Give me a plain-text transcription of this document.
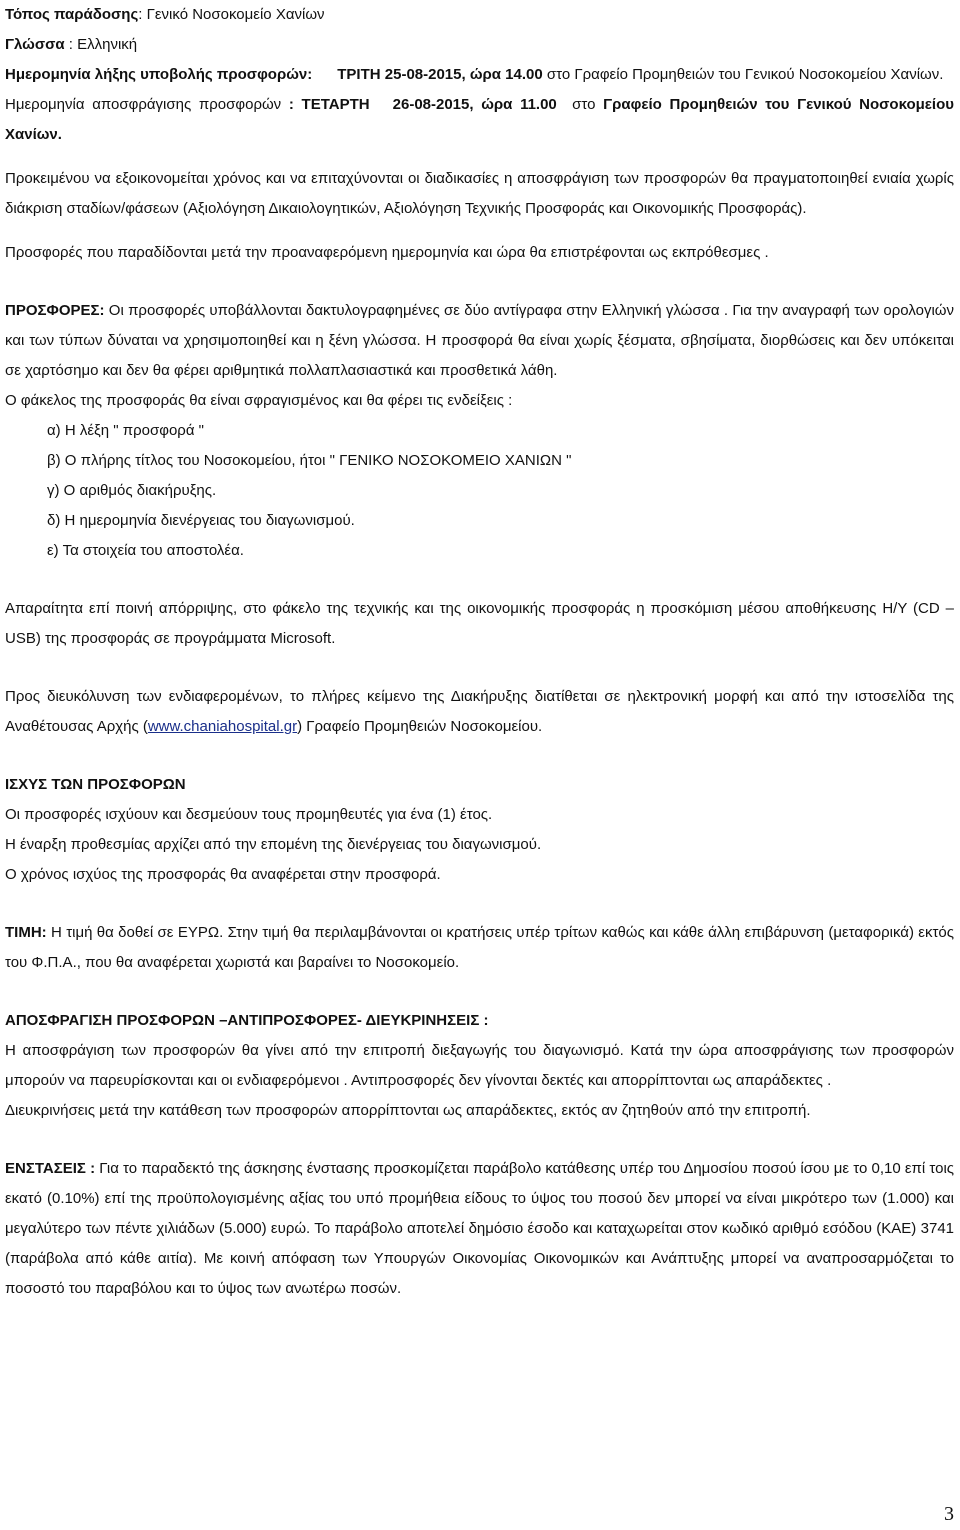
Τόπος παράδοσης: Γενικό Νοσοκομείο Χανίων

Γλώσσα : Ελληνική

Ημερομηνία λήξης υποβολής προσφορών: ΤΡΙΤΗ 25-08-2015, ώρα 14.00 στο Γραφείο Προμηθειών του Γενικού Νοσοκομείου Χανίων.

Ημερομηνία αποσφράγισης προσφορών : ΤΕΤΑΡΤΗ   26-08-2015, ώρα 11.00  στο Γραφείο Προμηθειών του Γενικού Νοσοκομείου Χανίων.

Προκειμένου να εξοικονομείται χρόνος και να επιταχύνονται οι διαδικασίες η αποσφράγιση των προσφορών θα πραγματοποιηθεί ενιαία χωρίς διάκριση σταδίων/φάσεων (Αξιολόγηση Δικαιολογητικών, Αξιολόγηση Τεχνικής Προσφοράς και Οικονομικής Προσφοράς).

Προσφορές που παραδίδονται μετά την προαναφερόμενη ημερομηνία και ώρα θα επιστρέφονται ως εκπρόθεσμες .

ΠΡΟΣΦΟΡΕΣ: Οι προσφορές υποβάλλονται δακτυλογραφημένες σε δύο αντίγραφα στην Ελληνική γλώσσα . Για την αναγραφή των ορολογιών και των τύπων δύναται να χρησιμοποιηθεί και η ξένη γλώσσα. Η προσφορά θα είναι χωρίς ξέσματα, σβησίματα, διορθώσεις και δεν υπόκειται σε χαρτόσημο και δεν θα φέρει αριθμητικά πολλαπλασιαστικά και προσθετικά λάθη.

Ο φάκελος της προσφοράς θα είναι σφραγισμένος και θα φέρει τις ενδείξεις :

α) Η λέξη " προσφορά "

β) Ο πλήρης τίτλος του Νοσοκομείου, ήτοι " ΓΕΝΙΚΟ ΝΟΣΟΚΟΜΕΙΟ ΧΑΝΙΩΝ "

γ) Ο αριθμός διακήρυξης.

δ) Η ημερομηνία διενέργειας του διαγωνισμού.

ε) Τα στοιχεία του αποστολέα.

Απαραίτητα επί ποινή απόρριψης, στο φάκελο της τεχνικής και της οικονομικής προσφοράς η προσκόμιση μέσου αποθήκευσης Η/Υ (CD – USB) της προσφοράς σε προγράμματα Microsoft.

Προς διευκόλυνση των ενδιαφερομένων, το πλήρες κείμενο της Διακήρυξης διατίθεται σε ηλεκτρονική μορφή και από την ιστοσελίδα της Αναθέτουσας Αρχής (www.chaniahospital.gr) Γραφείο Προμηθειών Νοσοκομείου.

ΙΣΧΥΣ ΤΩΝ ΠΡΟΣΦΟΡΩΝ

Οι προσφορές ισχύουν και δεσμεύουν τους προμηθευτές για ένα (1) έτος.

Η έναρξη προθεσμίας αρχίζει από την επομένη της διενέργειας του διαγωνισμού.

Ο χρόνος ισχύος της προσφοράς θα αναφέρεται στην προσφορά.

ΤΙΜΗ: Η τιμή θα δοθεί σε ΕΥΡΩ. Στην τιμή θα περιλαμβάνονται οι κρατήσεις υπέρ τρίτων καθώς και κάθε άλλη επιβάρυνση (μεταφορικά) εκτός του Φ.Π.Α., που θα αναφέρεται χωριστά και βαραίνει το Νοσοκομείο.

ΑΠΟΣΦΡΑΓΙΣΗ ΠΡΟΣΦΟΡΩΝ –ΑΝΤΙΠΡΟΣΦΟΡΕΣ- ΔΙΕΥΚΡΙΝΗΣΕΙΣ :

Η αποσφράγιση των προσφορών θα γίνει από την επιτροπή διεξαγωγής του διαγωνισμό. Κατά την ώρα αποσφράγισης των προσφορών μπορούν να παρευρίσκονται και οι ενδιαφερόμενοι . Αντιπροσφορές δεν γίνονται δεκτές και απορρίπτονται ως απαράδεκτες .

Διευκρινήσεις μετά την κατάθεση των προσφορών απορρίπτονται ως απαράδεκτες, εκτός αν ζητηθούν από την επιτροπή.

ΕΝΣΤΑΣΕΙΣ : Για το παραδεκτό της άσκησης ένστασης προσκομίζεται παράβολο κατάθεσης υπέρ του Δημοσίου ποσού ίσου με το 0,10 επί τοις εκατό (0.10%) επί της προϋπολογισμένης αξίας του υπό προμήθεια είδους το ύψος του ποσού δεν μπορεί να είναι μικρότερο των (1.000) και μεγαλύτερο των πέντε χιλιάδων (5.000) ευρώ. Το παράβολο αποτελεί δημόσιο έσοδο και καταχωρείται στον κωδικό αριθμό εσόδου (ΚΑΕ) 3741 (παράβολα από κάθε αιτία). Με κοινή απόφαση των Υπουργών Οικονομίας Οικονομικών και Ανάπτυξης μπορεί να αναπροσαρμόζεται το ποσοστό του παραβόλου και το ύψος των ανωτέρω ποσών.

3
